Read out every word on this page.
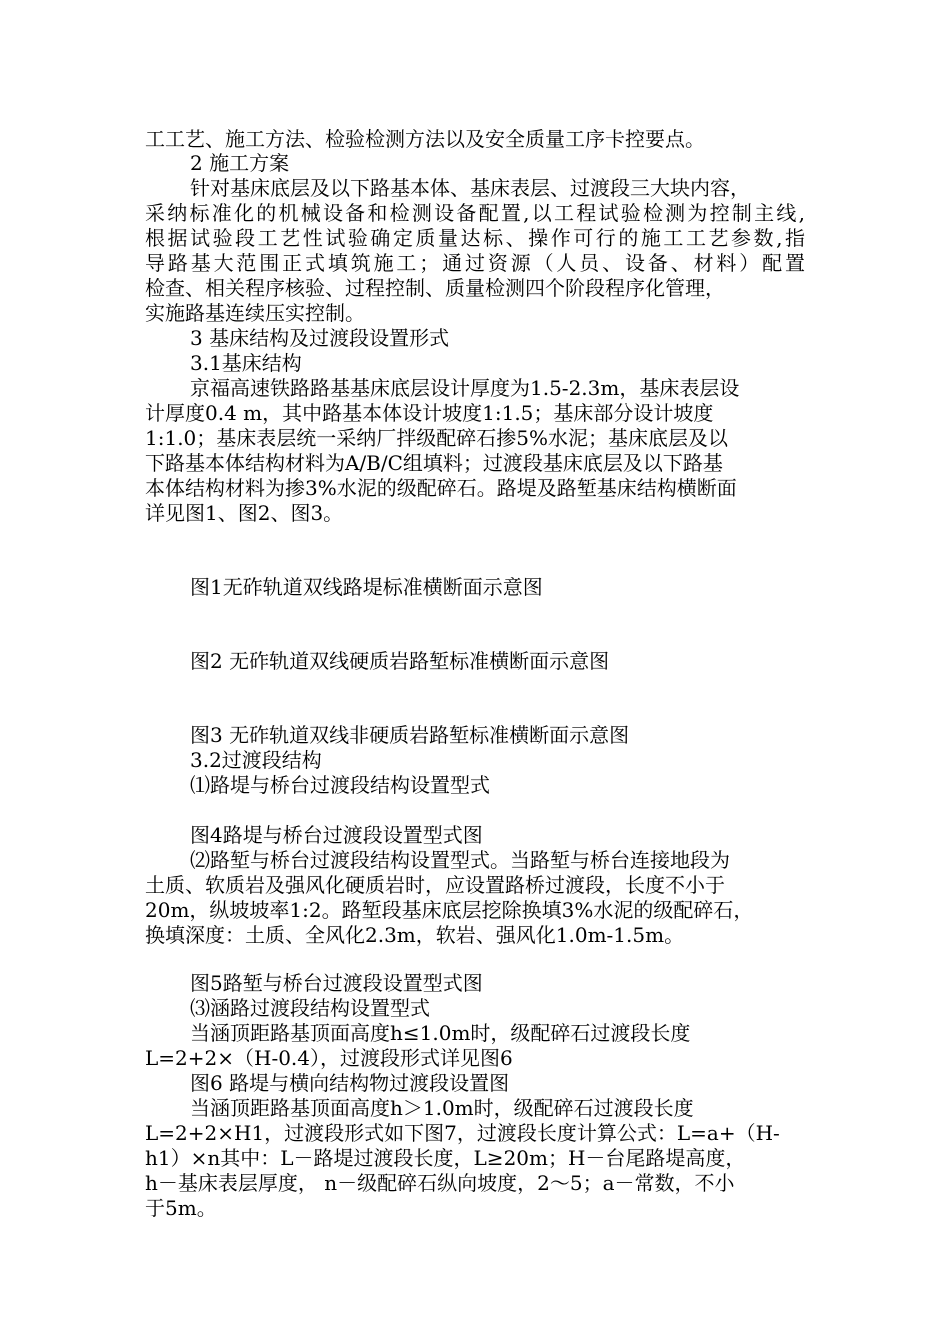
工工艺、施工方法、检验检测方法以及安全质量工序卡控要点。
2 施工方案
针对基床底层及以下路基本体、基床表层、过渡段三大块内容，
采纳标准化的机械设备和检测设备配置,以工程试验检测为控制主线,
根据试验段工艺性试验确定质量达标、操作可行的施工工艺参数,指
导路基大范围正式填筑施工；通过资源（人员、设备、材料）配置
检查、相关程序核验、过程控制、质量检测四个阶段程序化管理，
实施路基连续压实控制。
3 基床结构及过渡段设置形式
3.1基床结构
京福高速铁路路基基床底层设计厚度为1.5-2.3m，基床表层设
计厚度0.4 m，其中路基本体设计坡度1:1.5；基床部分设计坡度
1:1.0；基床表层统一采纳厂拌级配碎石掺5%水泥；基床底层及以
下路基本体结构材料为A/B/C组填料；过渡段基床底层及以下路基
本体结构材料为掺3%水泥的级配碎石。路堤及路堑基床结构横断面
详见图1、图2、图3。
图1无砟轨道双线路堤标准横断面示意图
图2 无砟轨道双线硬质岩路堑标准横断面示意图
图3 无砟轨道双线非硬质岩路堑标准横断面示意图
3.2过渡段结构
⑴路堤与桥台过渡段结构设置型式
图4路堤与桥台过渡段设置型式图
⑵路堑与桥台过渡段结构设置型式。当路堑与桥台连接地段为
土质、软质岩及强风化硬质岩时，应设置路桥过渡段，长度不小于
20m，纵坡坡率1:2。路堑段基床底层挖除换填3%水泥的级配碎石，
换填深度：土质、全风化2.3m，软岩、强风化1.0m-1.5m。
图5路堑与桥台过渡段设置型式图
⑶涵路过渡段结构设置型式
当涵顶距路基顶面高度h≤1.0m时，级配碎石过渡段长度
L=2+2×（H-0.4），过渡段形式详见图6
图6 路堤与横向结构物过渡段设置图
当涵顶距路基顶面高度h＞1.0m时，级配碎石过渡段长度
L=2+2×H1，过渡段形式如下图7，过渡段长度计算公式：L=a+（H-
h1）×n其中：L－路堤过渡段长度，L≥20m；H－台尾路堤高度，
h－基床表层厚度， n－级配碎石纵向坡度，2～5；a－常数，不小
于5m。
